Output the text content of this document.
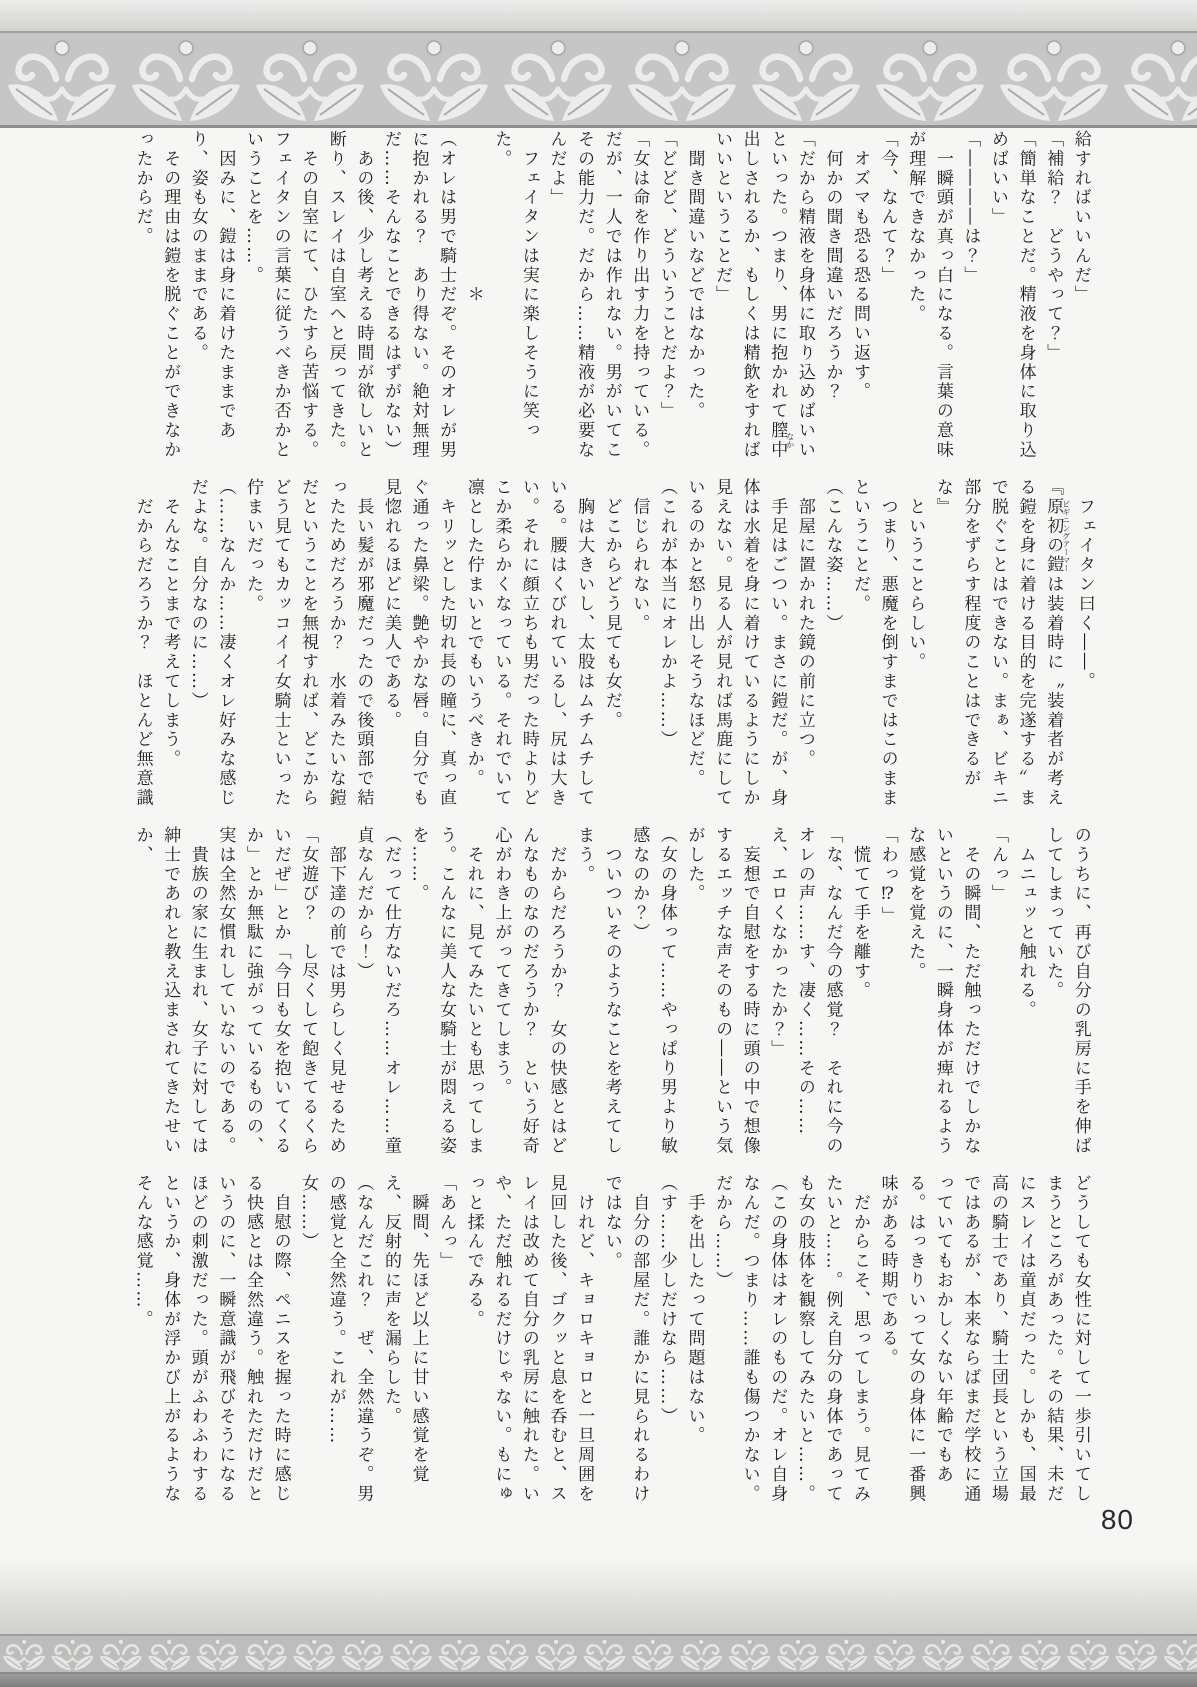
給すればいいんだ」

「補給？　どうやって？」

「簡単なことだ。精液を身体に取り込めばいい」

「――――は？」

　一瞬頭が真っ白になる。言葉の意味が理解できなかった。

「今、なんて？」

　オズマも恐る恐る問い返す。

　何かの聞き間違いだろうか？

「だから精液を身体に取り込めばいいといった。つまり、男に抱かれて膣中なか出しされるか、もしくは精飲をすればいいということだ」

　聞き間違いなどではなかった。

「どどど、どういうことだよ？」

「女は命を作り出す力を持っている。だが、一人では作れない。男がいてこその能力だ。だから……精液が必要なんだよ」

　フェイタンは実に楽しそうに笑った。

＊

（オレは男で騎士だぞ。そのオレが男に抱かれる？　あり得ない。絶対無理だ……そんなことできるはずがない）

　あの後、少し考える時間が欲しいと断り、スレイは自室へと戻ってきた。

　その自室にて、ひたすら苦悩する。フェイタンの言葉に従うべきか否かということを……。

　因みに、鎧は身に着けたままであり、姿も女のままである。

　その理由は鎧を脱ぐことができなかったからだ。

　フェイタン曰く――。

『原初の鎧ビギニングアーマーは装着時に〝装着者が考える鎧を身に着ける目的を完遂する〟まで脱ぐことはできない。まぁ、ビキニ部分をずらす程度のことはできるがな』

　ということらしい。

　つまり、悪魔を倒すまではこのままということだ。

（こんな姿……）

　部屋に置かれた鏡の前に立つ。

　手足はごつい。まさに鎧だ。が、身体は水着を身に着けているようにしか見えない。見る人が見れば馬鹿にしているのかと怒り出しそうなほどだ。

（これが本当にオレかよ……）

　信じられない。

　どこからどう見ても女だ。

　胸は大きいし、太股はムチムチしている。腰はくびれているし、尻は大きい。それに顔立ちも男だった時よりどこか柔らかくなっている。それでいて凛とした佇まいとでもいうべきか。

　キリッとした切れ長の瞳に、真っ直ぐ通った鼻梁。艶やかな唇。自分でも見惚れるほどに美人である。

　長い髪が邪魔だったので後頭部で結ったためだろうか？　水着みたいな鎧だということを無視すれば、どこからどう見てもカッコイイ女騎士といった佇まいだった。

（……なんか……凄くオレ好みな感じだよな。自分なのに……）

　そんなことまで考えてしまう。

　だからだろうか？　ほとんど無意識

のうちに、再び自分の乳房に手を伸ばしてしまっていた。

　ムニュッと触れる。

「んっ」

　その瞬間、ただ触っただけでしかないというのに、一瞬身体が痺れるような感覚を覚えた。

「わっ⁉」

　慌てて手を離す。

「な、なんだ今の感覚？　それに今のオレの声……す、凄く……その……え、エロくなかったか？」

　妄想で自慰をする時に頭の中で想像するエッチな声そのもの――という気がした。

（女の身体って……やっぱり男より敏感なのか？）

　ついついそのようなことを考えてしまう。

　だからだろうか？　女の快感とはどんなものなのだろうか？　という好奇心がわき上がってきてしまう。

　それに、見てみたいとも思ってしまう。こんなに美人な女騎士が悶える姿を……。

（だって仕方ないだろ……オレ……童貞なんだから！）

　部下達の前では男らしく見せるため「女遊び？　し尽くして飽きてるくらいだぜ」とか「今日も女を抱いてくるか」とか無駄に強がっているものの、実は全然女慣れしていないのである。

　貴族の家に生まれ、女子に対しては紳士であれと教え込まされてきたせいか、

どうしても女性に対して一歩引いてしまうところがあった。その結果、未だにスレイは童貞だった。しかも、国最高の騎士であり、騎士団長という立場ではあるが、本来ならばまだ学校に通っていてもおかしくない年齢でもある。はっきりいって女の身体に一番興味がある時期である。

　だからこそ、思ってしまう。見てみたいと……。例え自分の身体であっても女の肢体を観察してみたいと……。

（この身体はオレのものだ。オレ自身なんだ。つまり……誰も傷つかない。だから……）

　手を出したって問題はない。

（す……少しだけなら……）

　自分の部屋だ。誰かに見られるわけではない。

　けれど、キョロキョロと一旦周囲を見回した後、ゴクッと息を呑むと、スレイは改めて自分の乳房に触れた。いや、ただ触れるだけじゃない。もにゅっと揉んでみる。

「あんっ」

　瞬間、先ほど以上に甘い感覚を覚え、反射的に声を漏らした。

（なんだこれ？　ぜ、全然違うぞ。男の感覚と全然違う。これが……女……）

　自慰の際、ペニスを握った時に感じる快感とは全然違う。触れただけだというのに、一瞬意識が飛びそうになるほどの刺激だった。頭がふわふわするというか、身体が浮かび上がるようなそんな感覚……。

80
